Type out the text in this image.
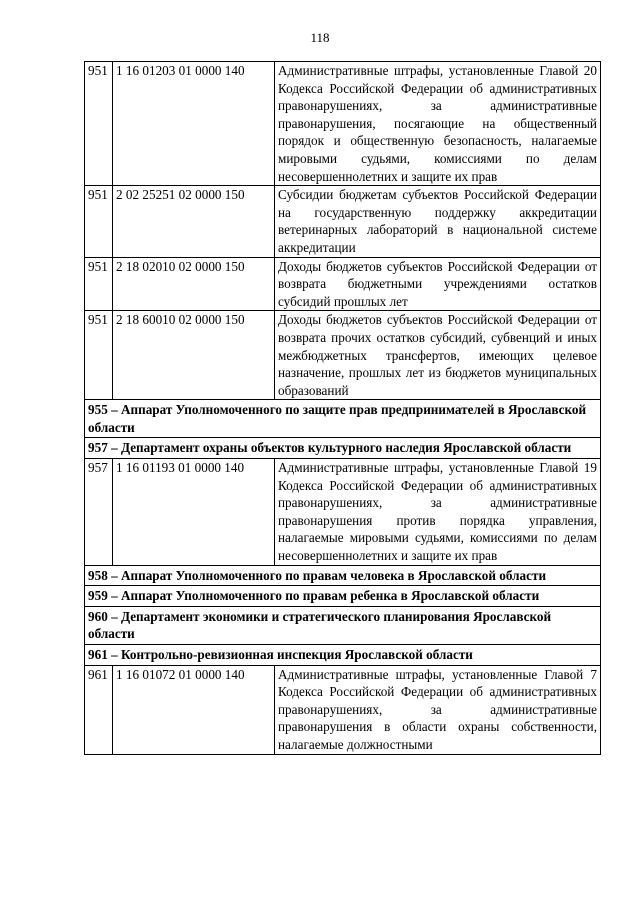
118
951	1 16 01203 01 0000 140	Административные штрафы, установленные Главой 20 Кодекса Российской Федерации об административных правонарушениях, за административные правонарушения, посягающие на общественный порядок и общественную безопасность, налагаемые мировыми судьями, комиссиями по делам несовершеннолетних и защите их прав
951	2 02 25251 02 0000 150	Субсидии бюджетам субъектов Российской Федерации на государственную поддержку аккредитации ветеринарных лабораторий в национальной системе аккредитации
951	2 18 02010 02 0000 150	Доходы бюджетов субъектов Российской Федерации от возврата бюджетными учреждениями остатков субсидий прошлых лет
951	2 18 60010 02 0000 150	Доходы бюджетов субъектов Российской Федерации от возврата прочих остатков субсидий, субвенций и иных межбюджетных трансфертов, имеющих целевое назначение, прошлых лет из бюджетов муниципальных образований
955 – Аппарат Уполномоченного по защите прав предпринимателей в Ярославской области		
957 – Департамент охраны объектов культурного наследия Ярославской области		
957	1 16 01193 01 0000 140	Административные штрафы, установленные Главой 19 Кодекса Российской Федерации об административных правонарушениях, за административные правонарушения против порядка управления, налагаемые мировыми судьями, комиссиями по делам несовершеннолетних и защите их прав
958 – Аппарат Уполномоченного по правам человека в Ярославской области		
959 – Аппарат Уполномоченного по правам ребенка в Ярославской области		
960 – Департамент экономики и стратегического планирования Ярославской области		
961 – Контрольно-ревизионная инспекция Ярославской области		
961	1 16 01072 01 0000 140	Административные штрафы, установленные Главой 7 Кодекса Российской Федерации об административных правонарушениях, за административные правонарушения в области охраны собственности, налагаемые должностными
